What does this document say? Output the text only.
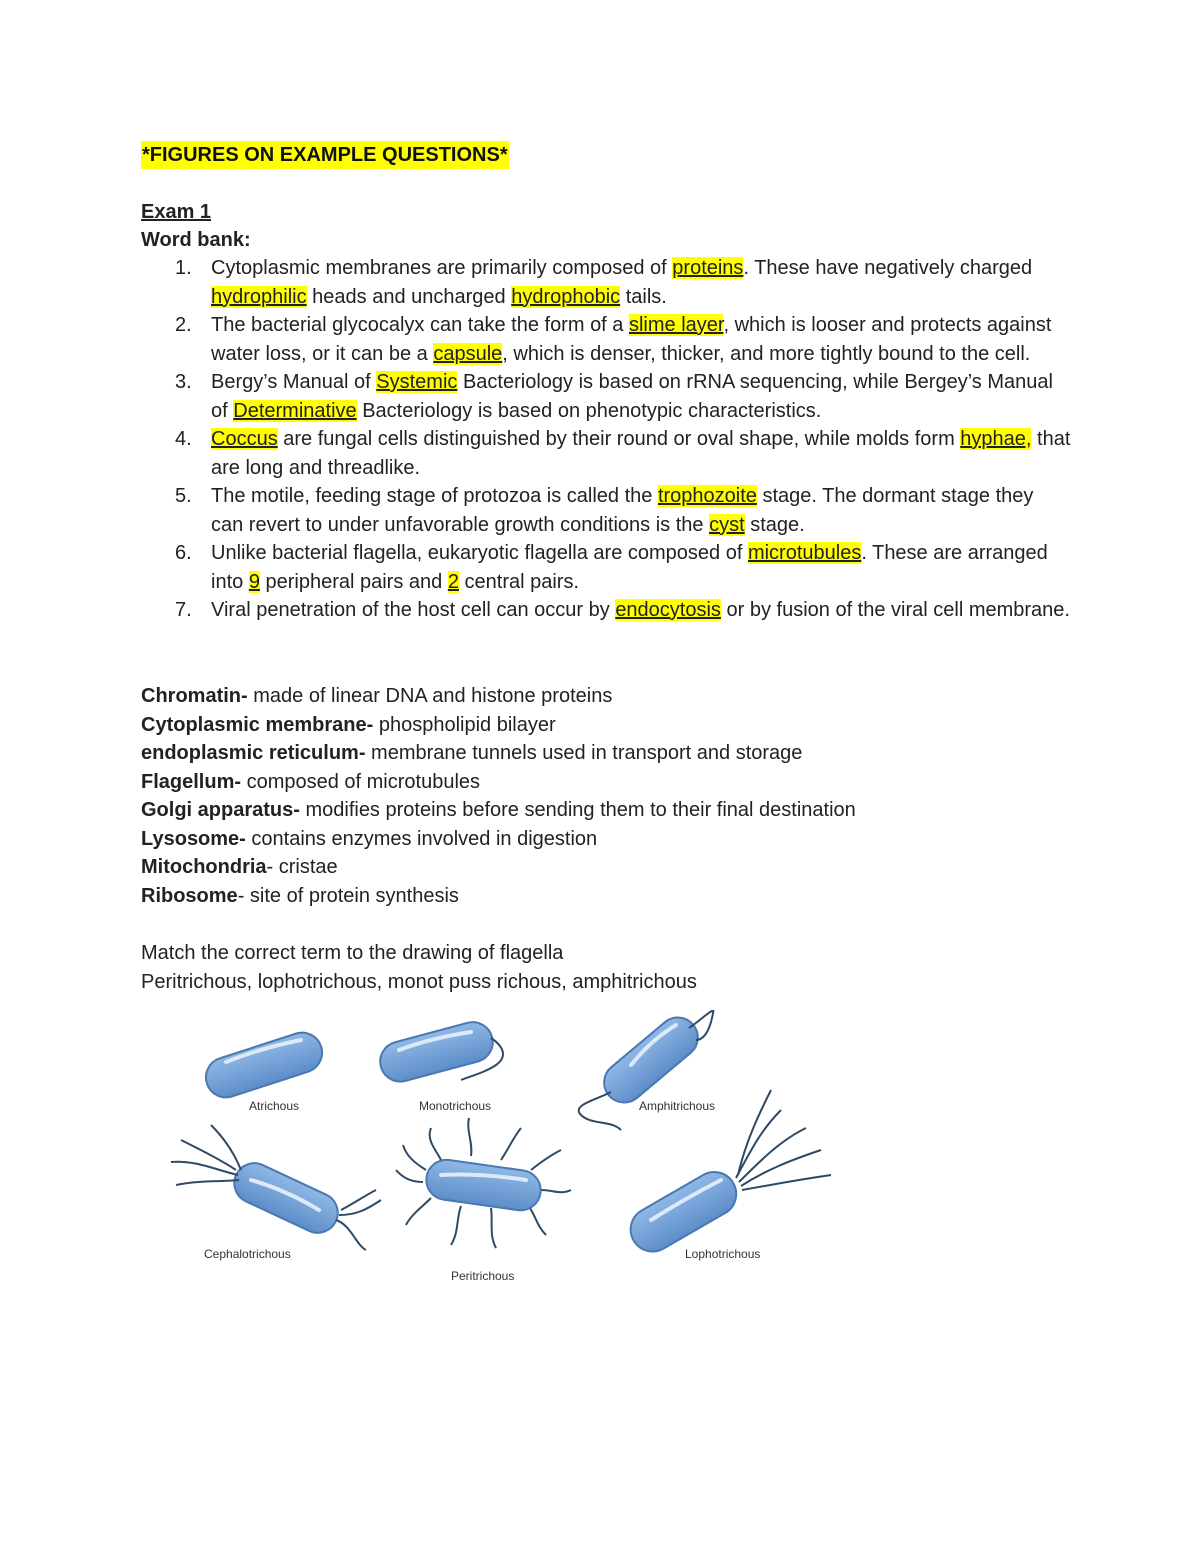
*FIGURES ON EXAMPLE QUESTIONS*
Exam 1
Word bank:
1. Cytoplasmic membranes are primarily composed of proteins. These have negatively charged hydrophilic heads and uncharged hydrophobic tails.
2. The bacterial glycocalyx can take the form of a slime layer, which is looser and protects against water loss, or it can be a capsule, which is denser, thicker, and more tightly bound to the cell.
3. Bergy’s Manual of Systemic Bacteriology is based on rRNA sequencing, while Bergey’s Manual of Determinative Bacteriology is based on phenotypic characteristics.
4. Coccus are fungal cells distinguished by their round or oval shape, while molds form hyphae, that are long and threadlike.
5. The motile, feeding stage of protozoa is called the trophozoite stage. The dormant stage they can revert to under unfavorable growth conditions is the cyst stage.
6. Unlike bacterial flagella, eukaryotic flagella are composed of microtubules. These are arranged into 9 peripheral pairs and 2 central pairs.
7. Viral penetration of the host cell can occur by endocytosis or by fusion of the viral cell membrane.
Chromatin- made of linear DNA and histone proteins
Cytoplasmic membrane- phospholipid bilayer
endoplasmic reticulum- membrane tunnels used in transport and storage
Flagellum- composed of microtubules
Golgi apparatus- modifies proteins before sending them to their final destination
Lysosome- contains enzymes involved in digestion
Mitochondria- cristae
Ribosome- site of protein synthesis
Match the correct term to the drawing of flagella
Peritrichous, lophotrichous, monot puss richous, amphitrichous
Atrichous	Monotrichous	Amphitrichous
Cephalotrichous
Peritrichous
Lophotrichous
